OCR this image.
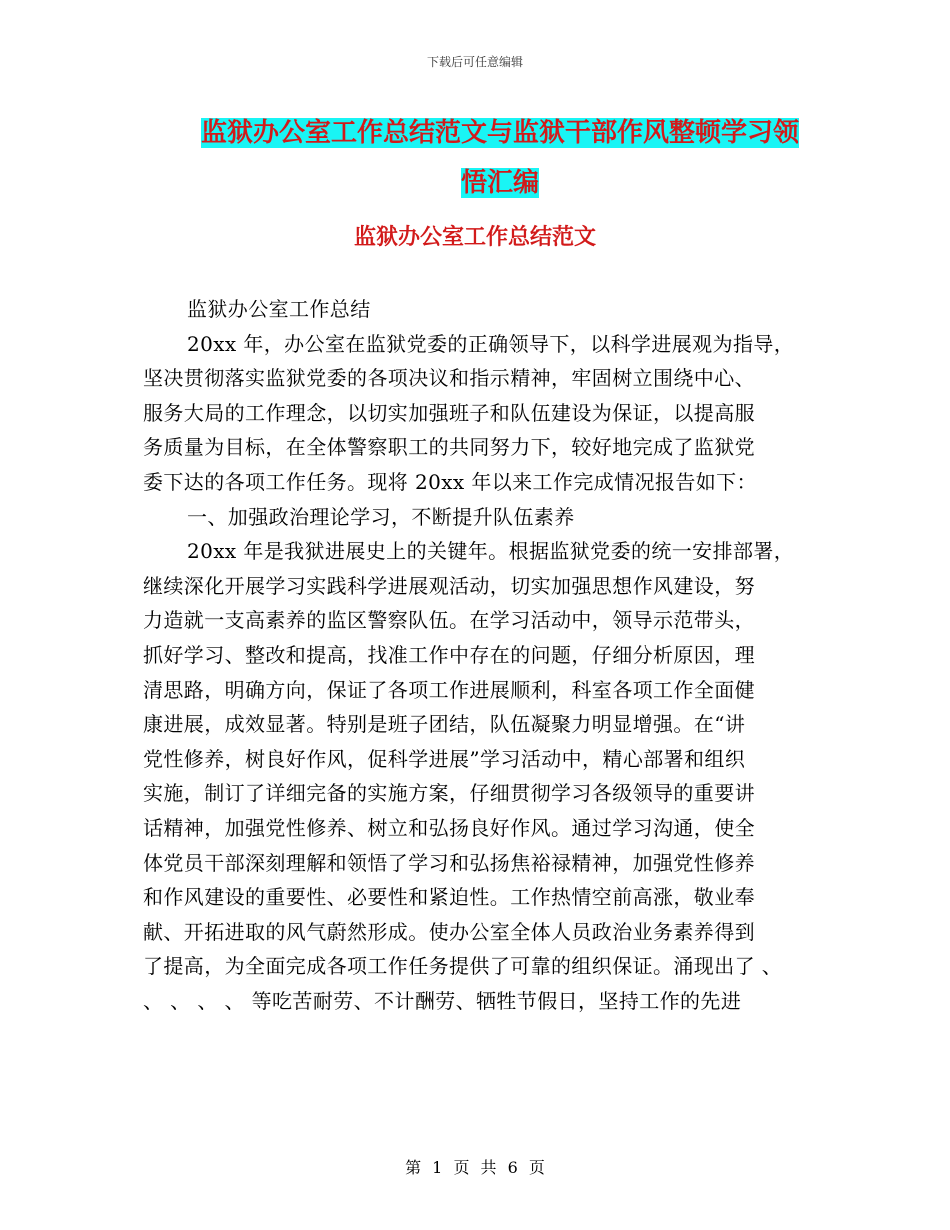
下载后可任意编辑
监狱办公室工作总结范文与监狱干部作风整顿学习领
悟汇编
监狱办公室工作总结范文
监狱办公室工作总结
20xx 年，办公室在监狱党委的正确领导下，以科学进展观为指导，
坚决贯彻落实监狱党委的各项决议和指示精神，牢固树立围绕中心、
服务大局的工作理念，以切实加强班子和队伍建设为保证，以提高服
务质量为目标，在全体警察职工的共同努力下，较好地完成了监狱党
委下达的各项工作任务。现将 20xx 年以来工作完成情况报告如下：
一、加强政治理论学习，不断提升队伍素养
20xx 年是我狱进展史上的关键年。根据监狱党委的统一安排部署，
继续深化开展学习实践科学进展观活动，切实加强思想作风建设，努
力造就一支高素养的监区警察队伍。在学习活动中，领导示范带头，
抓好学习、整改和提高，找准工作中存在的问题，仔细分析原因，理
清思路，明确方向，保证了各项工作进展顺利，科室各项工作全面健
康进展，成效显著。特别是班子团结，队伍凝聚力明显增强。在“讲
党性修养，树良好作风，促科学进展”学习活动中，精心部署和组织
实施，制订了详细完备的实施方案，仔细贯彻学习各级领导的重要讲
话精神，加强党性修养、树立和弘扬良好作风。通过学习沟通，使全
体党员干部深刻理解和领悟了学习和弘扬焦裕禄精神，加强党性修养
和作风建设的重要性、必要性和紧迫性。工作热情空前高涨，敬业奉
献、开拓进取的风气蔚然形成。使办公室全体人员政治业务素养得到
了提高，为全面完成各项工作任务提供了可靠的组织保证。涌现出了 、
、 、 、 、 等吃苦耐劳、不计酬劳、牺牲节假日，坚持工作的先进
第 1 页 共 6 页
